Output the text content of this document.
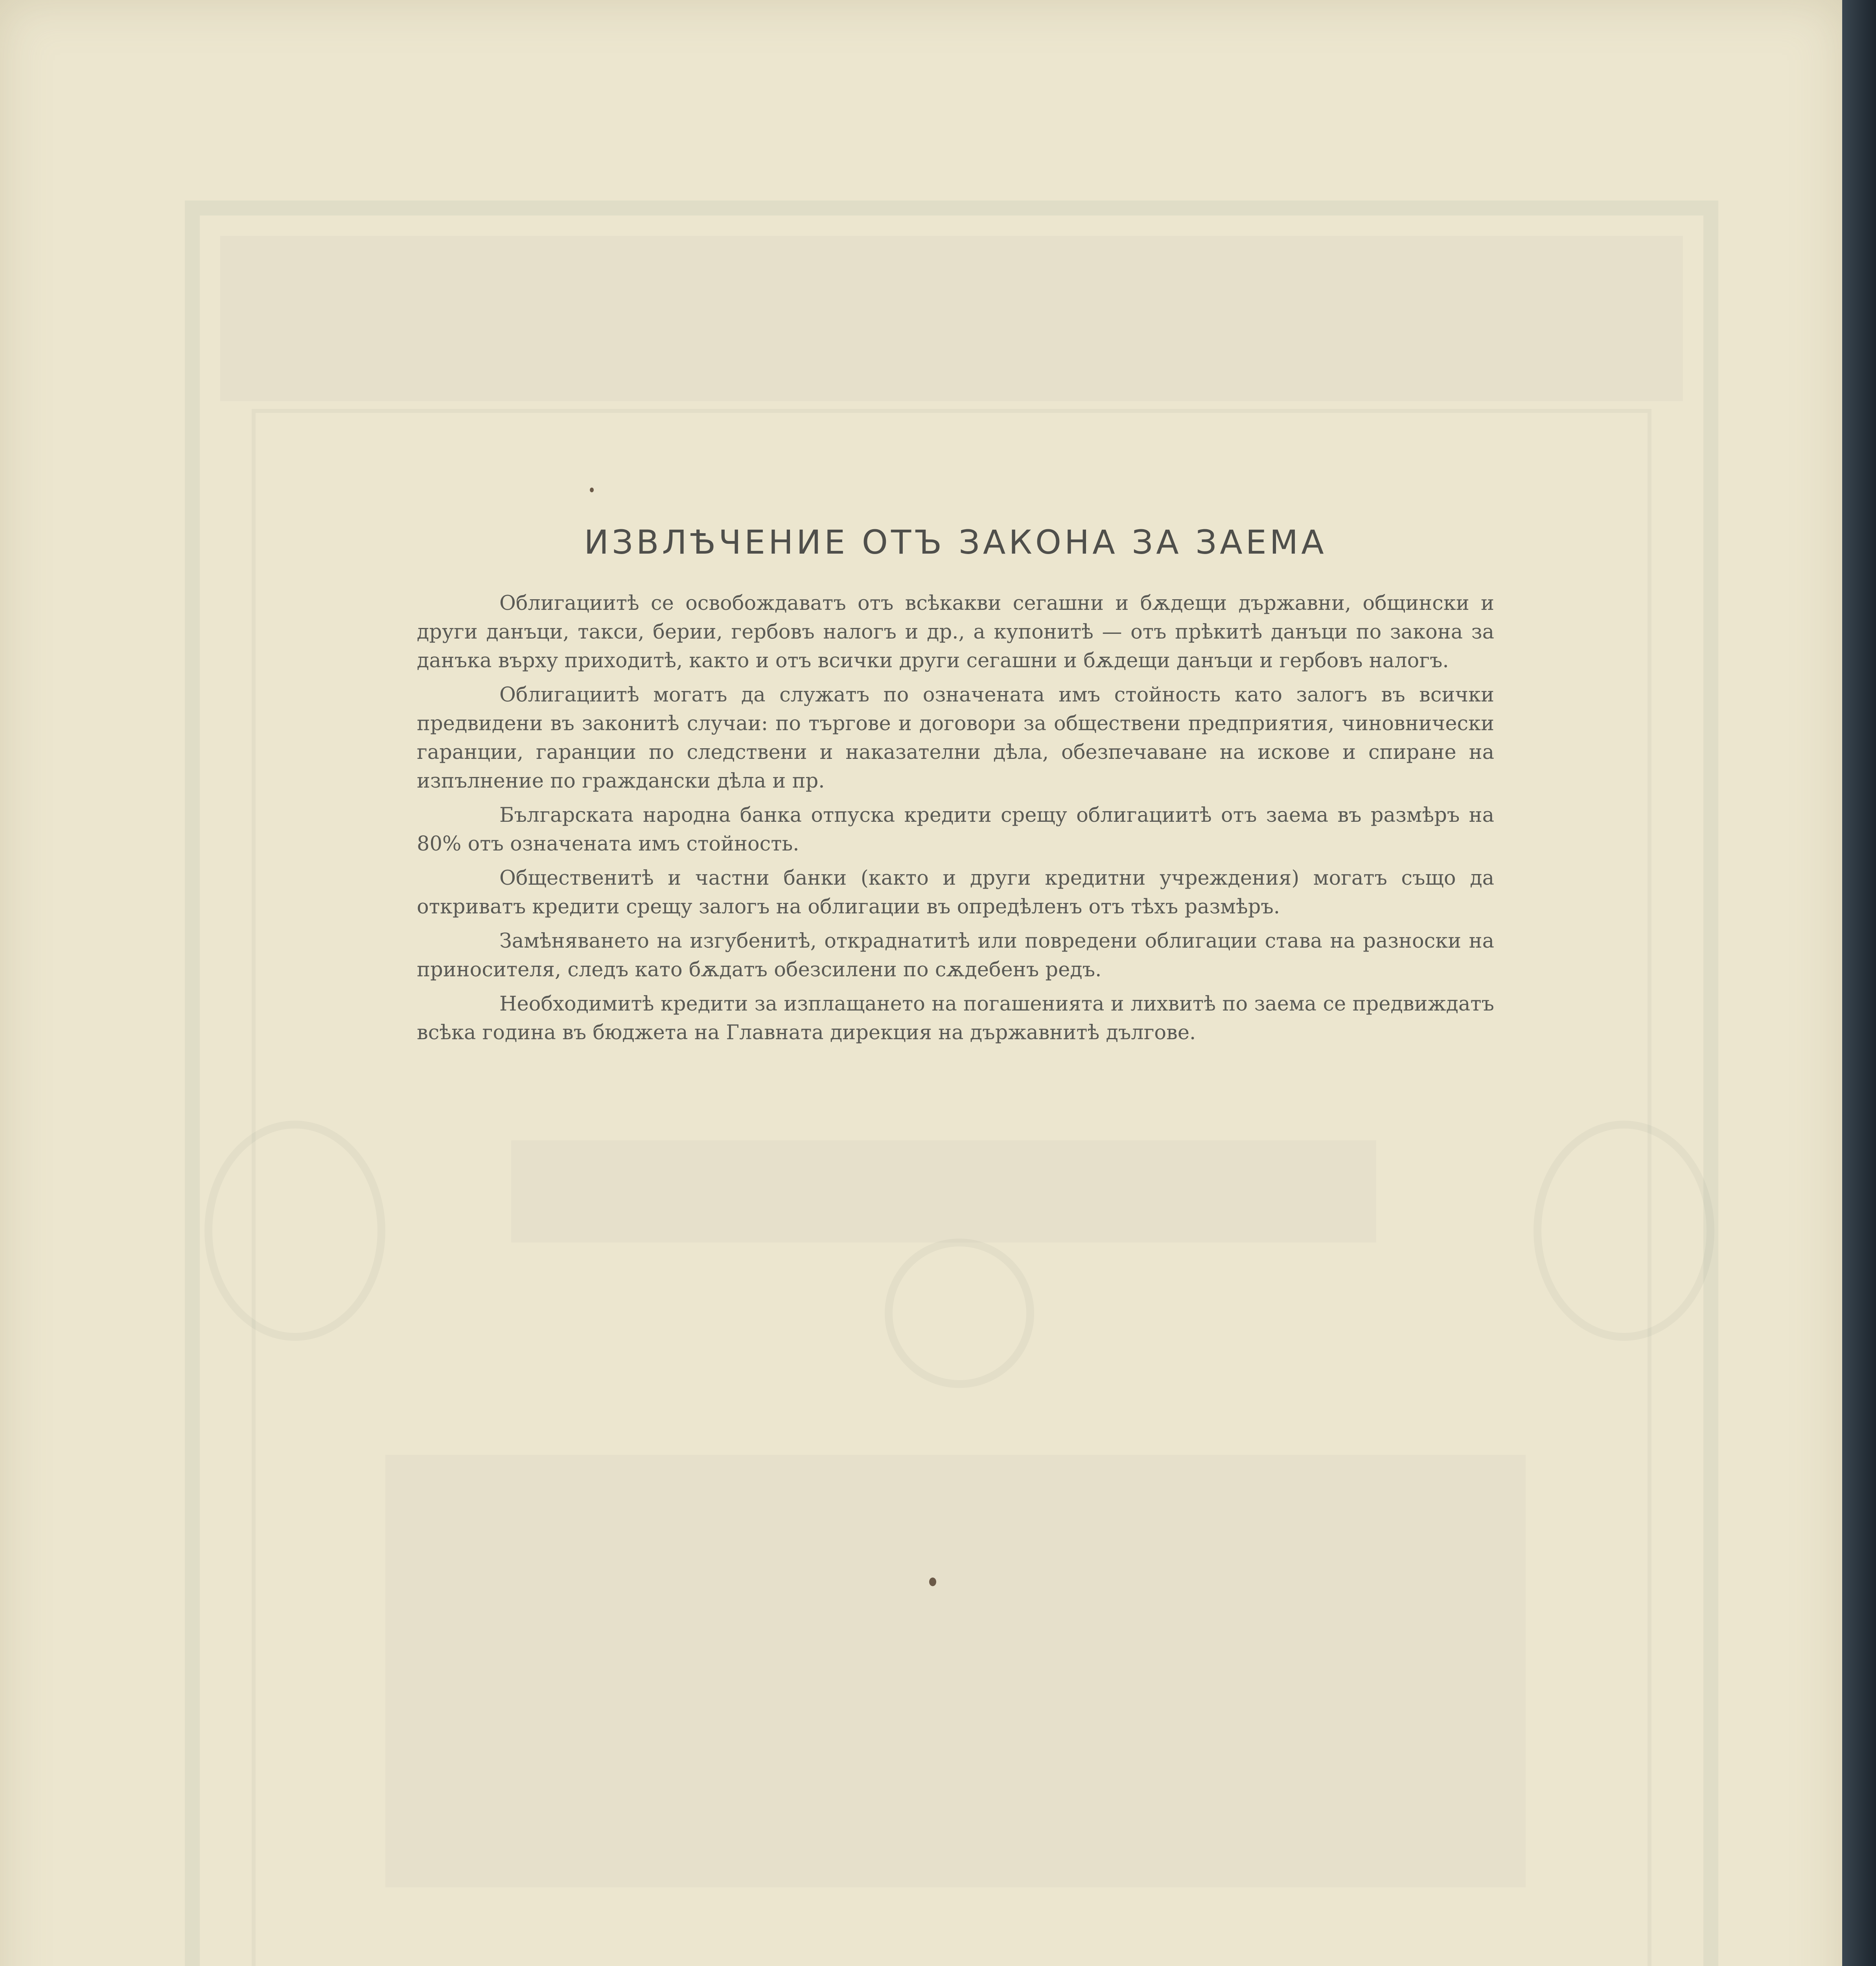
ИЗВЛѢЧЕНИЕ ОТЪ ЗАКОНА ЗА ЗАЕМА

Облигациитѣ се освобождаватъ отъ всѣкакви сегашни и бѫдещи държавни, общински и други данъци, такси, берии, гербовъ налогъ и др., а купонитѣ — отъ прѣкитѣ данъци по закона за данъка върху приходитѣ, както и отъ всички други сегашни и бѫдещи данъци и гербовъ налогъ.

Облигациитѣ могатъ да служатъ по означената имъ стойность като залогъ въ всички предвидени въ законитѣ случаи: по търгове и договори за обществени предприятия, чиновнически гаранции, гаранции по следствени и наказателни дѣла, обезпечаване на искове и спиране на изпълнение по граждански дѣла и пр.

Българската народна банка отпуска кредити срещу облигациитѣ отъ заема въ размѣръ на 80% отъ означената имъ стойность.

Общественитѣ и частни банки (както и други кредитни учреждения) могатъ също да откриватъ кредити срещу залогъ на облигации въ опредѣленъ отъ тѣхъ размѣръ.

Замѣняването на изгубенитѣ, откраднатитѣ или повредени облигации става на разноски на приносителя, следъ като бѫдатъ обезсилени по сѫдебенъ редъ.

Необходимитѣ кредити за изплащането на погашенията и лихвитѣ по заема се предвиждатъ всѣка година въ бюджета на Главната дирекция на държавнитѣ дългове.
